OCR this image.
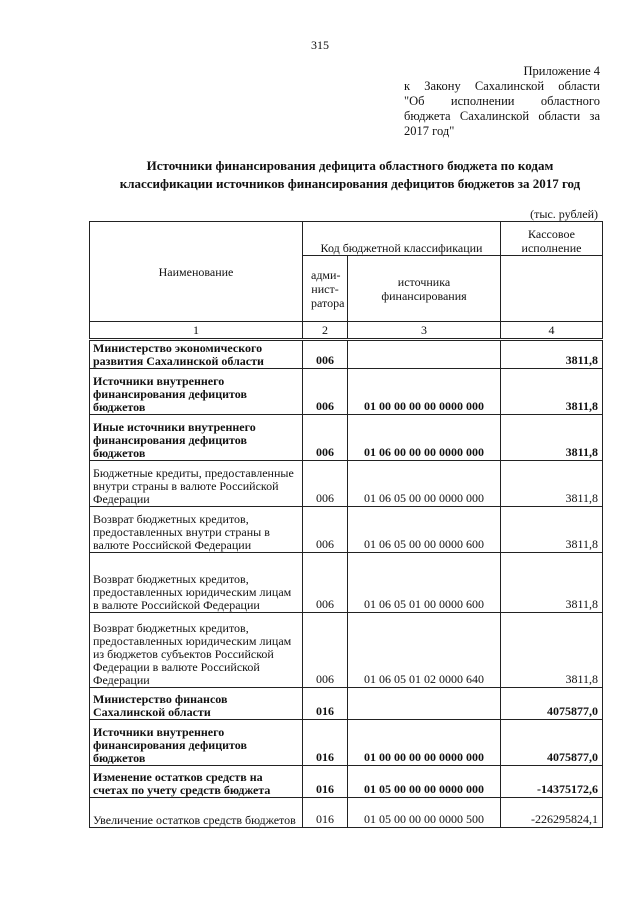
315
Приложение 4
к Закону Сахалинской области
"Об исполнении областного
бюджета Сахалинской области за
2017 год"
Источники финансирования дефицита областного бюджета по кодам
классификации источников финансирования дефицитов бюджетов за 2017 год
(тыс. рублей)
Наименование	Код бюджетной классификации		Кассовое исполнение
	адми-нист-ратора	источника финансирования	
1	2	3	4
Министерство экономического развития Сахалинской области	006		3811,8
Источники внутреннего финансирования дефицитов бюджетов	006	01 00 00 00 00 0000 000	3811,8
Иные источники внутреннего финансирования дефицитов бюджетов	006	01 06 00 00 00 0000 000	3811,8
Бюджетные кредиты, предоставленные внутри страны в валюте Российской Федерации	006	01 06 05 00 00 0000 000	3811,8
Возврат бюджетных кредитов, предоставленных внутри страны в валюте Российской Федерации	006	01 06 05 00 00 0000 600	3811,8
Возврат бюджетных кредитов, предоставленных юридическим лицам в валюте Российской Федерации	006	01 06 05 01 00 0000 600	3811,8
Возврат бюджетных кредитов, предоставленных юридическим лицам из бюджетов субъектов Российской Федерации в валюте Российской Федерации	006	01 06 05 01 02 0000 640	3811,8
Министерство финансов Сахалинской области	016		4075877,0
Источники внутреннего финансирования дефицитов бюджетов	016	01 00 00 00 00 0000 000	4075877,0
Изменение остатков средств на счетах по учету средств бюджета	016	01 05 00 00 00 0000 000	-14375172,6
Увеличение остатков средств бюджетов	016	01 05 00 00 00 0000 500	-226295824,1
